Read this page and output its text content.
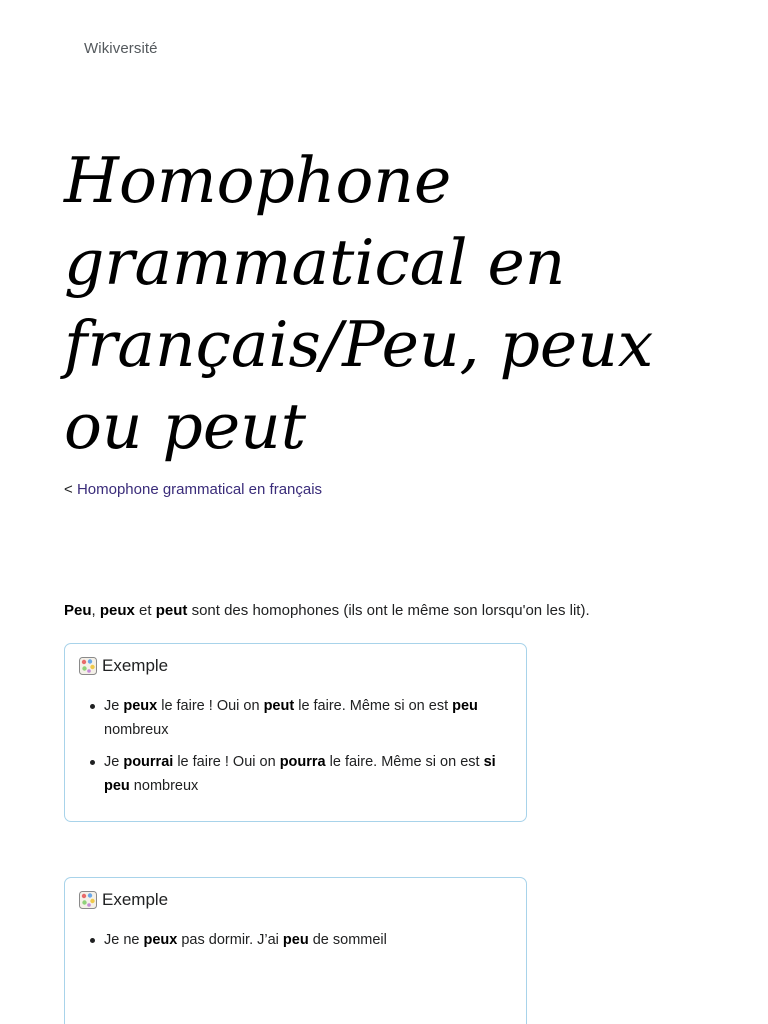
Wikiversité
Homophone grammatical en français/Peu, peux ou peut
< Homophone grammatical en français

Peu, peux et peut sont des homophones (ils ont le même son lorsqu'on les lit).

Exemple
Je peux le faire ! Oui on peut le faire. Même si on est peu nombreux
Je pourrai le faire ! Oui on pourra le faire. Même si on est si peu nombreux
Exemple
Je ne peux pas dormir. J’ai peu de sommeil
